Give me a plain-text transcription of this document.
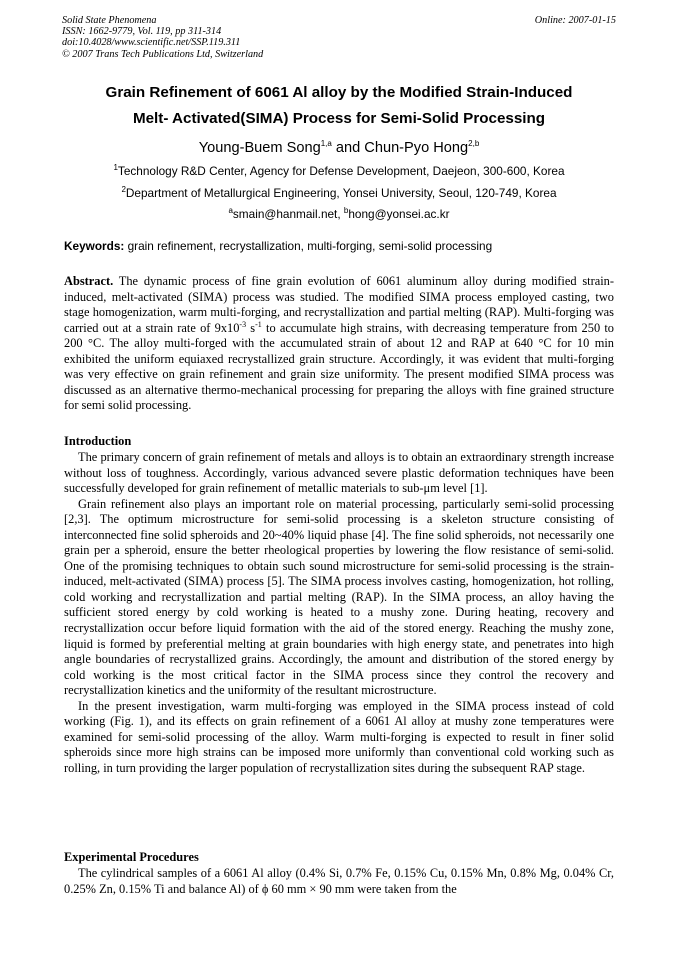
Solid State Phenomena
ISSN: 1662-9779, Vol. 119, pp 311-314
doi:10.4028/www.scientific.net/SSP.119.311
© 2007 Trans Tech Publications Ltd, Switzerland
Online: 2007-01-15
Grain Refinement of 6061 Al alloy by the Modified Strain-Induced
Melt- Activated(SIMA) Process for Semi-Solid Processing
Young-Buem Song$^{1,a}$ and Chun-Pyo Hong$^{2,b}$
$^1$Technology R&D Center, Agency for Defense Development, Daejeon, 300-600, Korea
$^2$Department of Metallurgical Engineering, Yonsei University, Seoul, 120-749, Korea
$^a$smain@hanmail.net, $^b$hong@yonsei.ac.kr
Keywords: grain refinement, recrystallization, multi-forging, semi-solid processing

Abstract. The dynamic process of fine grain evolution of 6061 aluminum alloy during modified strain-induced, melt-activated (SIMA) process was studied. The modified SIMA process employed casting, two stage homogenization, warm multi-forging, and recrystallization and partial melting (RAP). Multi-forging was carried out at a strain rate of $9x10^{-3}$ $s^{-1}$ to accumulate high strains, with decreasing temperature from 250 to 200 °C. The alloy multi-forged with the accumulated strain of about 12 and RAP at 640 °C for 10 min exhibited the uniform equiaxed recrystallized grain structure. Accordingly, it was evident that multi-forging was very effective on grain refinement and grain size uniformity. The present modified SIMA process was discussed as an alternative thermo-mechanical processing for preparing the alloys with fine grained structure for semi solid processing.

Introduction

The primary concern of grain refinement of metals and alloys is to obtain an extraordinary strength increase without loss of toughness. Accordingly, various advanced severe plastic deformation techniques have been successfully developed for grain refinement of metallic materials to sub-μm level [1].

Grain refinement also plays an important role on material processing, particularly semi-solid processing [2,3]. The optimum microstructure for semi-solid processing is a skeleton structure consisting of interconnected fine solid spheroids and 20~40% liquid phase [4]. The fine solid spheroids, not necessarily one grain per a spheroid, ensure the better rheological properties by lowering the flow resistance of semi-solid. One of the promising techniques to obtain such sound microstructure for semi-solid processing is the strain-induced, melt-activated (SIMA) process [5]. The SIMA process involves casting, homogenization, hot rolling, cold working and recrystallization and partial melting (RAP). In the SIMA process, an alloy having the sufficient stored energy by cold working is heated to a mushy zone. During heating, recovery and recrystallization occur before liquid formation with the aid of the stored energy. Reaching the mushy zone, liquid is formed by preferential melting at grain boundaries with high energy state, and penetrates into high angle boundaries of recrystallized grains. Accordingly, the amount and distribution of the stored energy by cold working is the most critical factor in the SIMA process since they control the recovery and recrystallization kinetics and the uniformity of the resultant microstructure.

In the present investigation, warm multi-forging was employed in the SIMA process instead of cold working (Fig. 1), and its effects on grain refinement of a 6061 Al alloy at mushy zone temperatures were examined for semi-solid processing of the alloy. Warm multi-forging is expected to result in finer solid spheroids since more high strains can be imposed more uniformly than conventional cold working such as rolling, in turn providing the larger population of recrystallization sites during the subsequent RAP stage.

Experimental Procedures

The cylindrical samples of a 6061 Al alloy (0.4% Si, 0.7% Fe, 0.15% Cu, 0.15% Mn, 0.8% Mg, 0.04% Cr, 0.25% Zn, 0.15% Ti and balance Al) of ϕ 60 mm × 90 mm were taken from the
